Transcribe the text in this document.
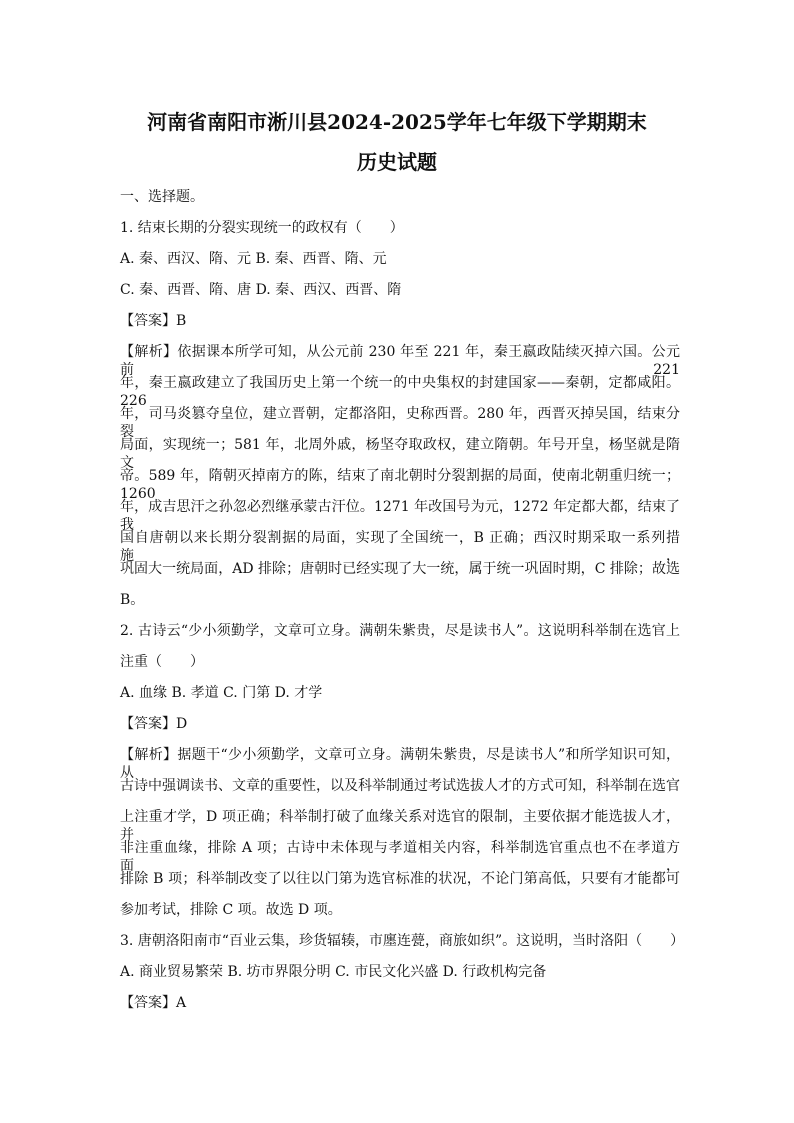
河南省南阳市淅川县2024-2025学年七年级下学期期末
历史试题
一、选择题。
1. 结束长期的分裂实现统一的政权有（　　）
A. 秦、西汉、隋、元 B. 秦、西晋、隋、元
C. 秦、西晋、隋、唐 D. 秦、西汉、西晋、隋
【答案】B
【解析】依据课本所学可知，从公元前 230 年至 221 年，秦王嬴政陆续灭掉六国。公元前 221
年，秦王嬴政建立了我国历史上第一个统一的中央集权的封建国家——秦朝，定都咸阳。226
年，司马炎篡夺皇位，建立晋朝，定都洛阳，史称西晋。280 年，西晋灭掉吴国，结束分裂
局面，实现统一；581 年，北周外戚，杨坚夺取政权，建立隋朝。年号开皇，杨坚就是隋文
帝。589 年，隋朝灭掉南方的陈，结束了南北朝时分裂割据的局面，使南北朝重归统一；1260
年，成吉思汗之孙忽必烈继承蒙古汗位。1271 年改国号为元，1272 年定都大都，结束了我
国自唐朝以来长期分裂割据的局面，实现了全国统一，B 正确；西汉时期采取一系列措施，
巩固大一统局面，AD 排除；唐朝时已经实现了大一统，属于统一巩固时期，C 排除；故选
B。
2. 古诗云“少小须勤学，文章可立身。满朝朱紫贵，尽是读书人”。这说明科举制在选官上
注重（　　）
A. 血缘 B. 孝道 C. 门第 D. 才学
【答案】D
【解析】据题干“少小须勤学，文章可立身。满朝朱紫贵，尽是读书人”和所学知识可知，从
古诗中强调读书、文章的重要性，以及科举制通过考试选拔人才的方式可知，科举制在选官
上注重才学，D 项正确；科举制打破了血缘关系对选官的限制，主要依据才能选拔人才，并
非注重血缘，排除 A 项；古诗中未体现与孝道相关内容，科举制选官重点也不在孝道方面，
排除 B 项；科举制改变了以往以门第为选官标准的状况，不论门第高低，只要有才能都可
参加考试，排除 C 项。故选 D 项。
3. 唐朝洛阳南市“百业云集，珍货辐辏，市廛连甍，商旅如织”。这说明，当时洛阳（　　）
A. 商业贸易繁荣 B. 坊市界限分明 C. 市民文化兴盛 D. 行政机构完备
【答案】A
